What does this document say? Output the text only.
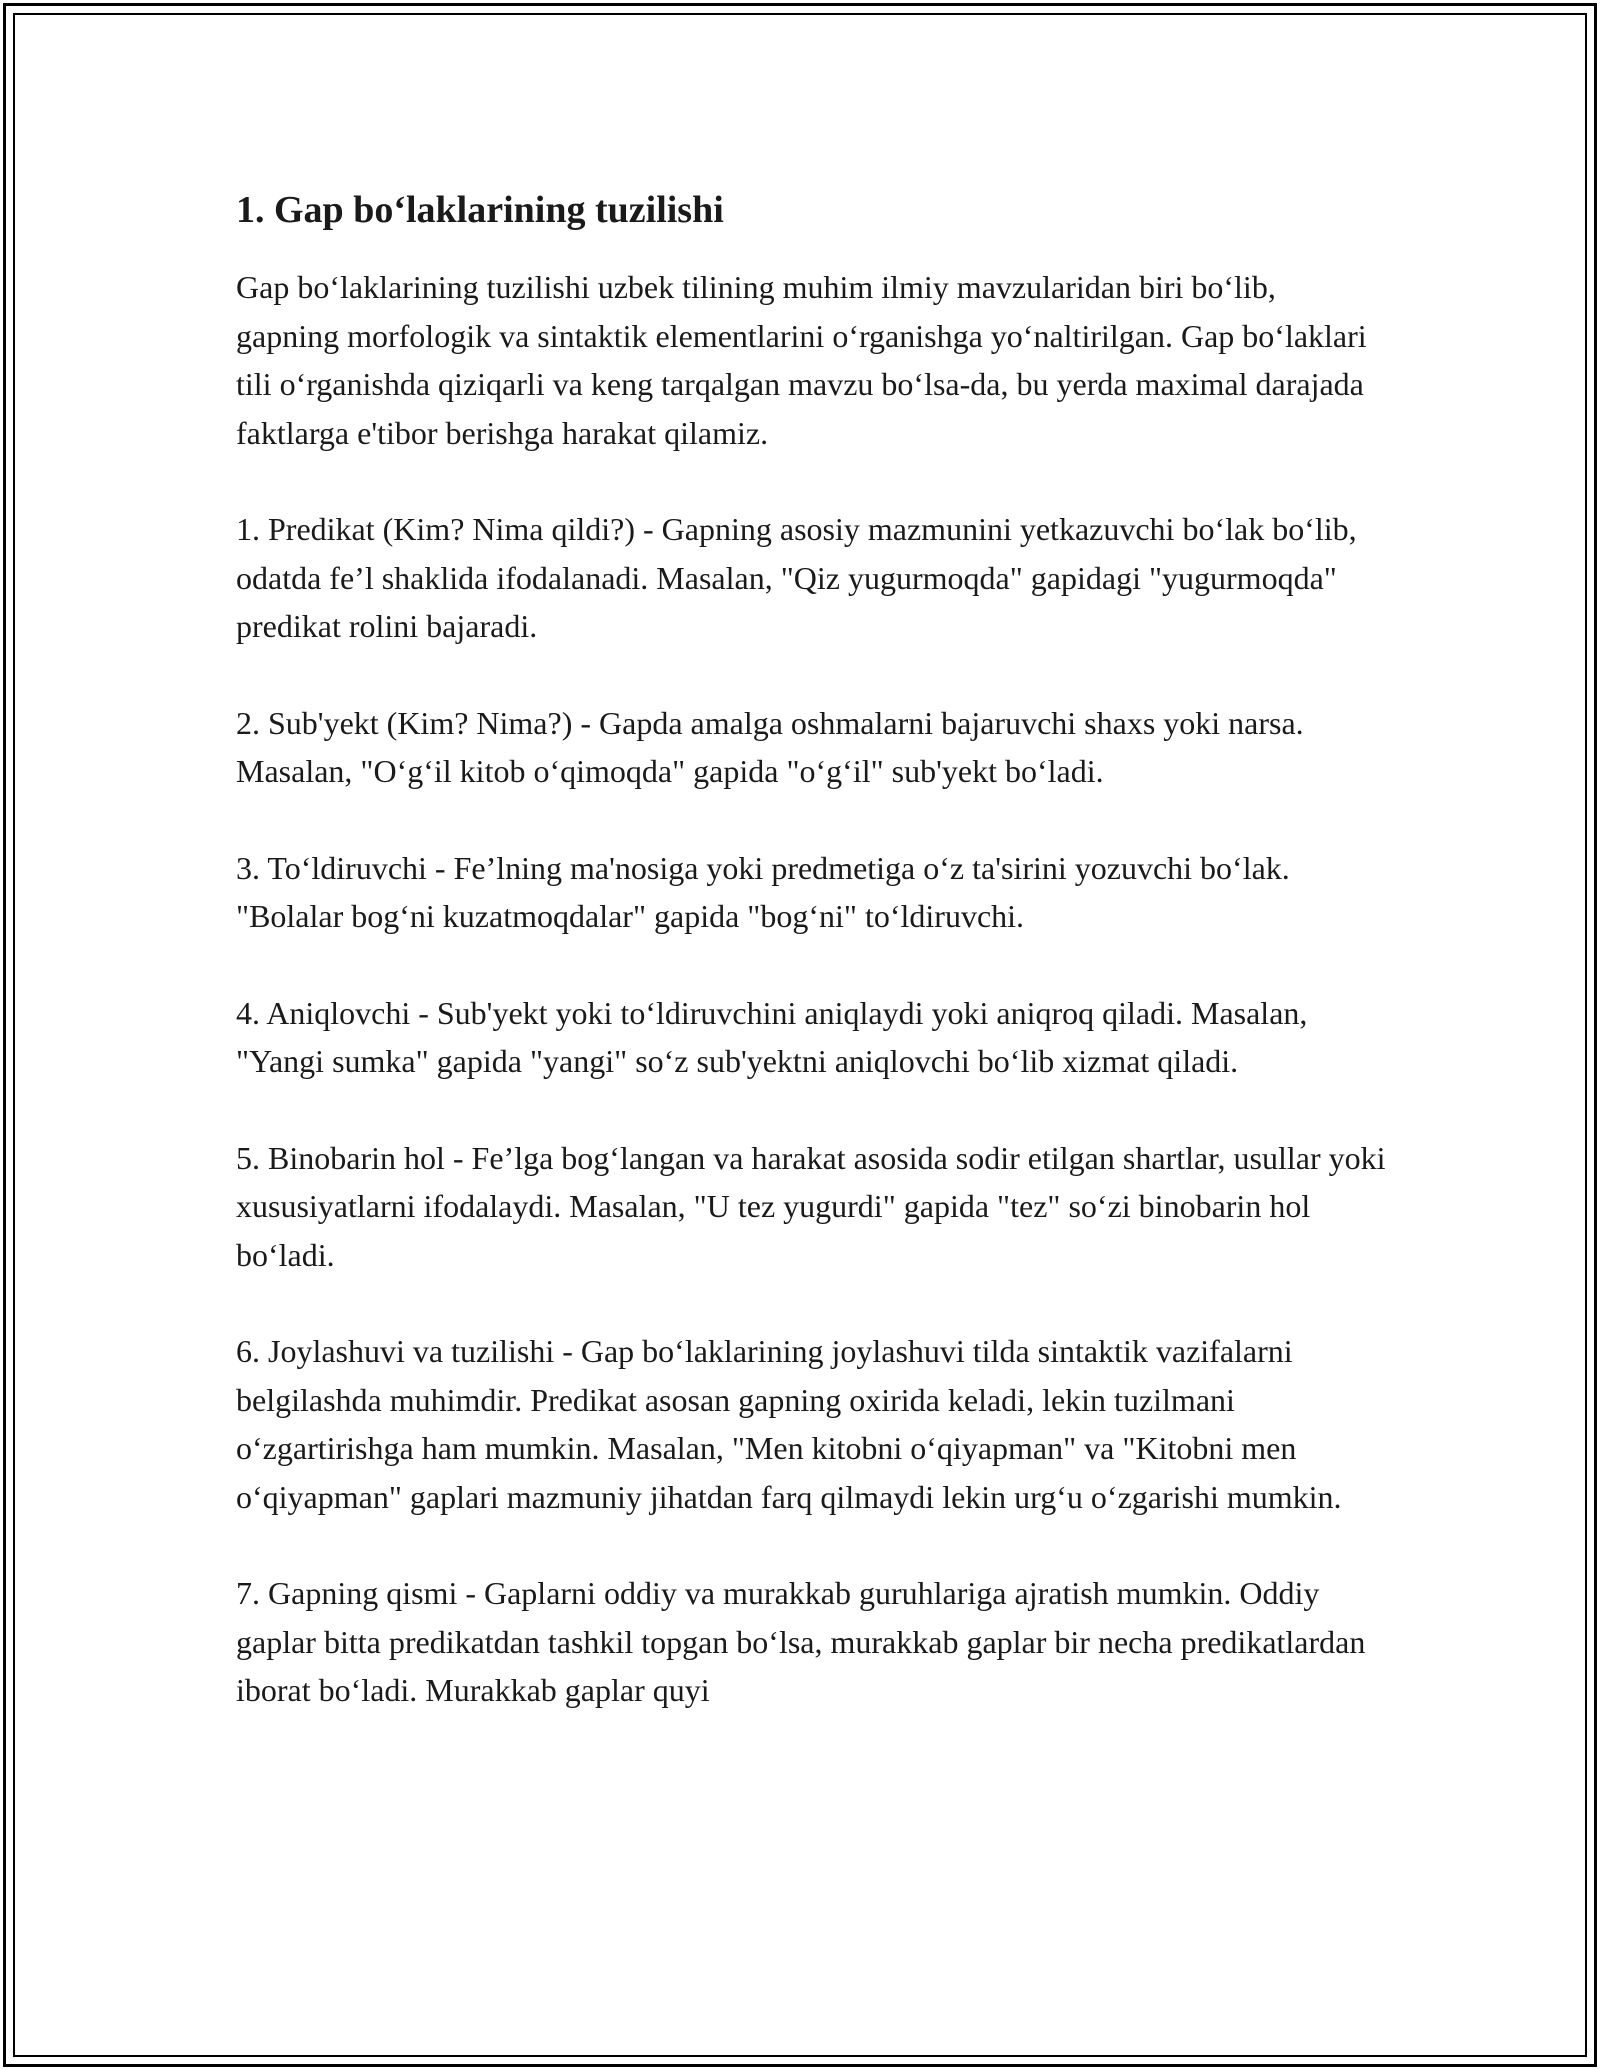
1. Gap bo‘laklarining tuzilishi

Gap bo‘laklarining tuzilishi uzbek tilining muhim ilmiy mavzularidan biri bo‘lib, gapning morfologik va sintaktik elementlarini o‘rganishga yo‘naltirilgan. Gap bo‘laklari tili o‘rganishda qiziqarli va keng tarqalgan mavzu bo‘lsa-da, bu yerda maximal darajada faktlarga e'tibor berishga harakat qilamiz.

1. Predikat (Kim? Nima qildi?) - Gapning asosiy mazmunini yetkazuvchi bo‘lak bo‘lib, odatda fe’l shaklida ifodalanadi. Masalan, "Qiz yugurmoqda" gapidagi "yugurmoqda" predikat rolini bajaradi.

2. Sub'yekt (Kim? Nima?) - Gapda amalga oshmalarni bajaruvchi shaxs yoki narsa. Masalan, "O‘g‘il kitob o‘qimoqda" gapida "o‘g‘il" sub'yekt bo‘ladi.

3. To‘ldiruvchi - Fe’lning ma'nosiga yoki predmetiga o‘z ta'sirini yozuvchi bo‘lak. "Bolalar bog‘ni kuzatmoqdalar" gapida "bog‘ni" to‘ldiruvchi.

4. Aniqlovchi - Sub'yekt yoki to‘ldiruvchini aniqlaydi yoki aniqroq qiladi. Masalan, "Yangi sumka" gapida "yangi" so‘z sub'yektni aniqlovchi bo‘lib xizmat qiladi.

5. Binobarin hol - Fe’lga bog‘langan va harakat asosida sodir etilgan shartlar, usullar yoki xususiyatlarni ifodalaydi. Masalan, "U tez yugurdi" gapida "tez" so‘zi binobarin hol bo‘ladi.

6. Joylashuvi va tuzilishi - Gap bo‘laklarining joylashuvi tilda sintaktik vazifalarni belgilashda muhimdir. Predikat asosan gapning oxirida keladi, lekin tuzilmani o‘zgartirishga ham mumkin. Masalan, "Men kitobni o‘qiyapman" va "Kitobni men o‘qiyapman" gaplari mazmuniy jihatdan farq qilmaydi lekin urg‘u o‘zgarishi mumkin.

7. Gapning qismi - Gaplarni oddiy va murakkab guruhlariga ajratish mumkin. Oddiy gaplar bitta predikatdan tashkil topgan bo‘lsa, murakkab gaplar bir necha predikatlardan iborat bo‘ladi. Murakkab gaplar quyi
